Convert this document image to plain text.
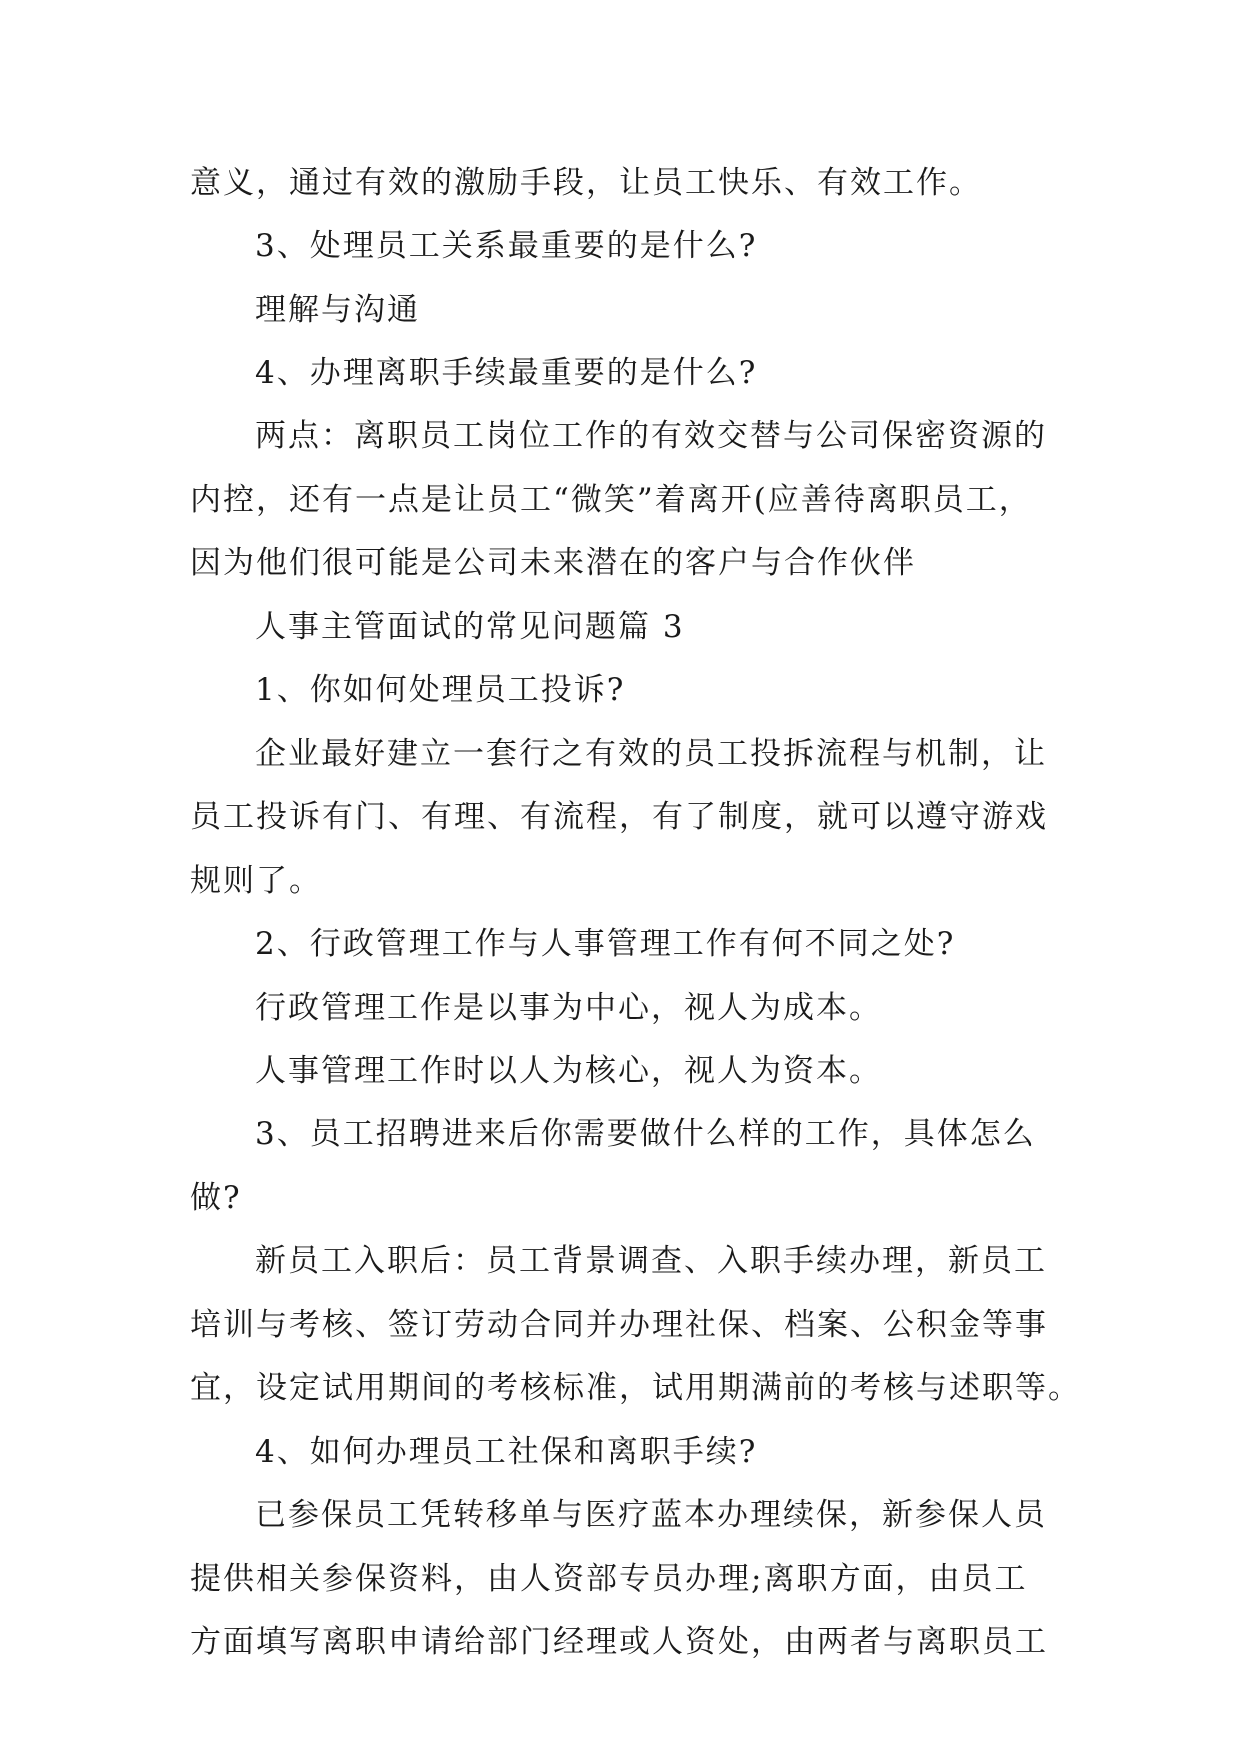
意义，通过有效的激励手段，让员工快乐、有效工作。
3、处理员工关系最重要的是什么?
理解与沟通
4、办理离职手续最重要的是什么?
两点：离职员工岗位工作的有效交替与公司保密资源的
内控，还有一点是让员工“微笑”着离开(应善待离职员工，
因为他们很可能是公司未来潜在的客户与合作伙伴
人事主管面试的常见问题篇 3
1、你如何处理员工投诉?
企业最好建立一套行之有效的员工投拆流程与机制，让
员工投诉有门、有理、有流程，有了制度，就可以遵守游戏
规则了。
2、行政管理工作与人事管理工作有何不同之处?
行政管理工作是以事为中心，视人为成本。
人事管理工作时以人为核心，视人为资本。
3、员工招聘进来后你需要做什么样的工作，具体怎么
做?
新员工入职后：员工背景调查、入职手续办理，新员工
培训与考核、签订劳动合同并办理社保、档案、公积金等事
宜，设定试用期间的考核标准，试用期满前的考核与述职等。
4、如何办理员工社保和离职手续?
已参保员工凭转移单与医疗蓝本办理续保，新参保人员
提供相关参保资料，由人资部专员办理;离职方面，由员工
方面填写离职申请给部门经理或人资处，由两者与离职员工
